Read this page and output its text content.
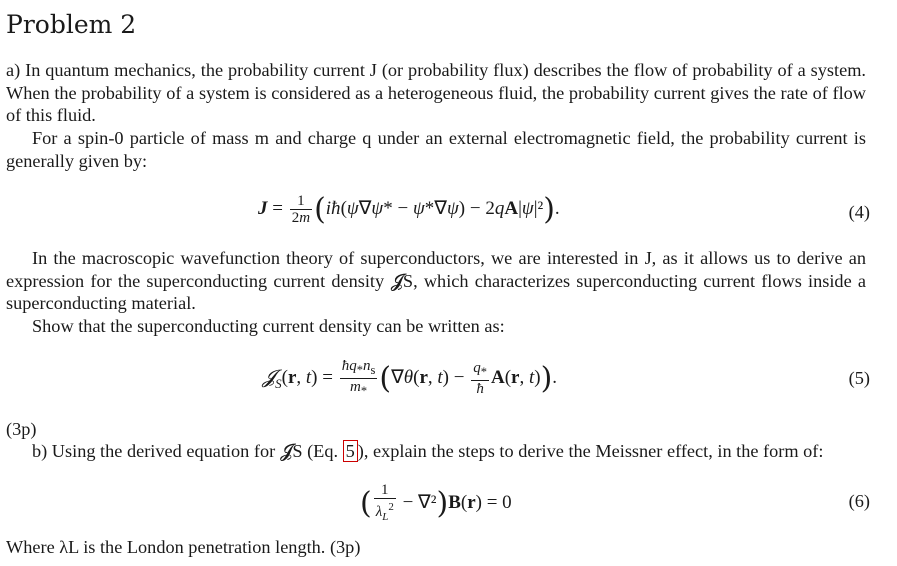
Problem 2
a) In quantum mechanics, the probability current J (or probability flux) describes the flow of probability of a system. When the probability of a system is considered as a heterogeneous fluid, the probability current gives the rate of flow of this fluid.
For a spin-0 particle of mass m and charge q under an external electromagnetic field, the probability current is generally given by:
$J = \frac{1}{2m}$ (iħ(ψ∇ψ* − ψ*∇ψ) − 2qA|ψ|²).	(4)
In the macroscopic wavefunction theory of superconductors, we are interested in J, as it allows us to derive an expression for the superconducting current density 𝓙S, which characterizes superconducting current flows inside a superconducting material.
Show that the superconducting current density can be written as:
𝓙$_S$(r, $t) = \frac{ħq_*n_s}{m_*} (\nabla\theta(r$, $t) - \frac{q_*}{ħ} A(r$, t)).	(5)
(3p)
b) Using the derived equation for 𝓙S (Eq. 5 ), explain the steps to derive the Meissner effect, in the form of:
( $\frac{1}{\lambda_L^2} - \nabla^2)B(r) = 0$	(6)
Where λL is the London penetration length. (3p)
